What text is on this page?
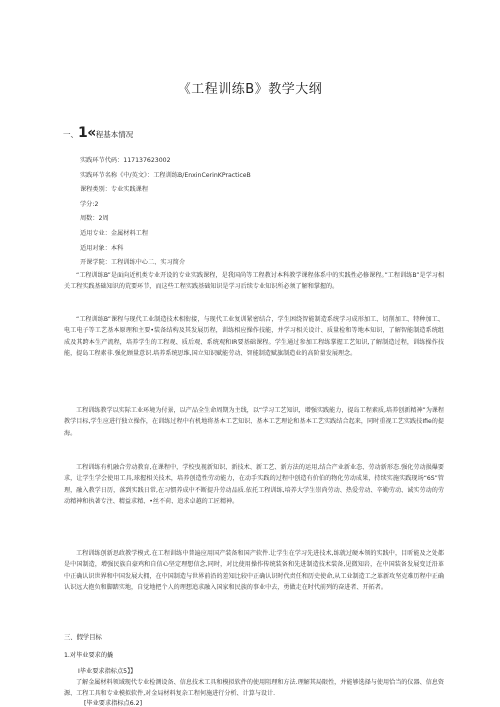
《工程训练B》教学大纲
一、1«程基本情况
实践环节代码：117137623002
实践环节名称《中/英文》：工程训练B/EnxinCerinKPracticeB
课程类别：专业实践课程
学分:2
周数：2周
适用专业：金属材料工程
适用对象：本科
开课学院：工程训练中心二、实习简介

“工程训练B”是面向近机类专业开设的专业实践课程，是我国尚等工程教讨本科教学课程体系中的实践性必修课程。”工程训练B”是学习相关工程实践基础知识的荒要环节，而这些工程实践基础知识是学习后续专业知识所必须了解和掌握的。

“工程训练B”课程与现代工业制造技术相衔接，与现代工业复训紧密结合，学生困绕智能制造系统学习成形加工、切削加工、特种加工、电工电子等工艺基本原理和主要•装备结构及其发展历程，训练相应操作技能，并学习相关设计、质量检和等地本知识，了解智能制造系统组成及其跨本生产流程，培养学生的工程观、质后观、系统观和IR要基础课程。学生通过参加工程练掌握工艺知识,了解制造过程，训练操作技能，提岛工程素非.强化顾量意识.培养系统思维,国立知识赋能劳动、智能制造赋旗制造业的高阶量发展理念。

工程训练教学以实际工业环境为付景，以产品全生命周期为主线，以“学习工艺知识，增强实践能力，提岛工程素质,培养创新精神”为课程教学目标,学生应进行独立操作，在训练过程中有机地将基本工艺知识、基本工艺理论和基本工艺实践结合起来，同时重视工艺实践技Ifie的提海。

工程训练有机融合劳动教育,在课程中，学校曳视新知识、新技术、新工艺、新方法的运用,结合产业新业态、劳动新形态.强化劳动损爆要求，让学生学会使用工具,球握相关技术，培养创造性劳动能力，在动手实践的过程中创造有价伯的物化劳动成果，持续实施实践现场“6S”管理，融入教学日历，落到实践日常,在习惯养成中不断提升劳动品质.依托工程训练,培养大学生崇尚劳动、热爱劳动、辛勤劳动、诚实劳动的劳动精神和执著专注、精益求精、•丝不荷、追求卓越的工匠精神。

工程训练创新思政教学模式.在工程训练中普遍应用国产装备和国产软件.让学生在学习先进技术,练就过硬本领的实践中，目昕能及之处都是中国制造，增强民族自豪鸡和自信心坚定理想信念,同时，对比使用操作传统装备和先进制造技术装备,见微知岩，在中国装备发展变迁沿革中正确认识世界和中国发展大拥，在中国制造与世界前沿的差知比较中正确认识时代责任和历史使命,从工业制造工之革新攻坚克难历程中正确认识远大抱负和脚踏实地，自觉地把个人的理想追求融入国家和民族的事业中去，勇做走在时代前列的奋进者、开拓者。

三、假学目标
1.对毕业要求的撬
I毕业要求指标点5】】

了解金属材料领域现代专业检测设备、信息技术工具和模拟软件的使用阻理和方法.理解其局限性，并能够选择与使用恰当的仪器、信息资源、工程工具和专业模拟软件,对金局材料复杂工程何施进行分析、计算与设计.

[毕业要求指标点6.2]
